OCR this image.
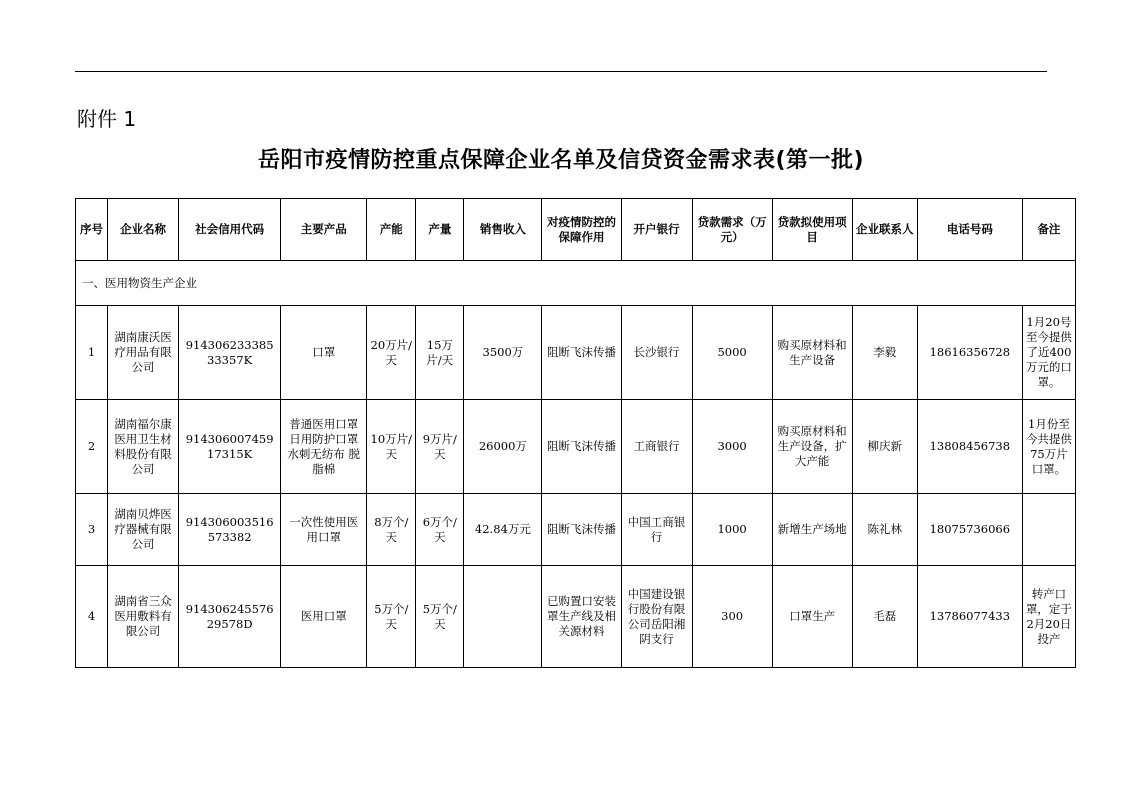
附件 1
岳阳市疫情防控重点保障企业名单及信贷资金需求表(第一批)
序号	企业名称	社会信用代码	主要产品	产能	产量	销售收入	对疫情防控的保障作用	开户银行	贷款需求（万元）	贷款拟使用项目	企业联系人	电话号码	备注
一、医用物资生产企业													
1	湖南康沃医疗用品有限公司	91430623338533357K	口罩	20万片/天	15万片/天	3500万	阻断飞沫传播	长沙银行	5000	购买原材料和生产设备	李毅	18616356728	1月20号至今提供了近400万元的口罩。
2	湖南福尔康医用卫生材料股份有限公司	91430600745917315K	普通医用口罩 日用防护口罩 水刺无纺布 脱脂棉	10万片/天	9万片/天	26000万	阻断飞沫传播	工商银行	3000	购买原材料和生产设备，扩大产能	柳庆新	13808456738	1月份至今共提供75万片口罩。
3	湖南贝烨医疗器械有限公司	914306003516573382	一次性使用医用口罩	8万个/天	6万个/天	42.84万元	阻断飞沫传播	中国工商银行	1000	新增生产场地	陈礼林	18075736066	
4	湖南省三众医用敷料有限公司	91430624557629578D	医用口罩	5万个/天	5万个/天		已购置口安装罩生产线及相关源材料	中国建设银行股份有限公司岳阳湘阴支行	300	口罩生产	毛磊	13786077433	转产口罩，定于2月20日投产
